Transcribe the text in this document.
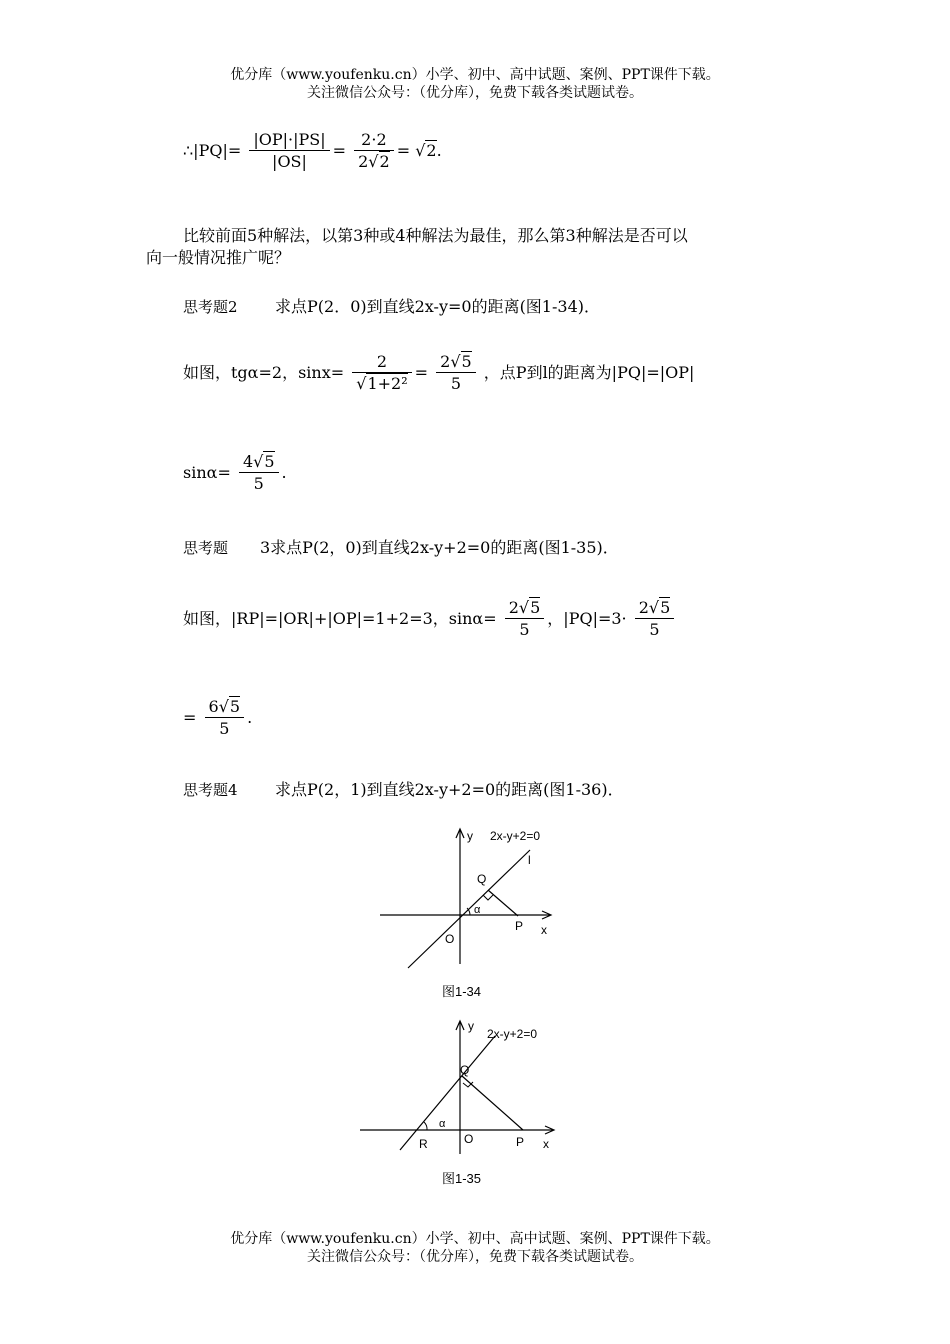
优分库（www.youfenku.cn）小学、初中、高中试题、案例、PPT课件下载。
关注微信公众号：（优分库），免费下载各类试题试卷。
∴|PQ|= $\frac{|OP|\cdot|PS|}{|OS|} = \frac{2\cdot 2}{2√2} = √2$.
比较前面5种解法，以第3种或4种解法为最佳，那么第3种解法是否可以
向一般情况推广呢？
思考题2 求点P(2．0)到直线2x-y=0的距离(图1-34)．
如图，tgα=2，$\sin x= \frac{2}{\text{√1+2²}} = \frac{2√5}{5}$ ，点P到l的距离为|PQ|=|OP|
$\sin\alpha= \frac{4√5}{5}$ .
思考题 3求点P(2，0)到直线2x-y+2=0的距离(图1-35)．
如图，|RP|=|OR|+|OP|=1+2=3，$\sin\alpha= \frac{2√5}{5}$ ，$|PQ|=3\cdot \frac{2√5}{5}$
= $\frac{6√5}{5}$ .
思考题4 求点P(2，1)到直线2x-y+2=0的距离(图1-36)．
y 2x-y+2=0
l
Q
α
O
P x
图1-34
y
2x-y+2=0
Q
α
R	O	P x
图1-35
优分库（www.youfenku.cn）小学、初中、高中试题、案例、PPT课件下载。
关注微信公众号：（优分库），免费下载各类试题试卷。
